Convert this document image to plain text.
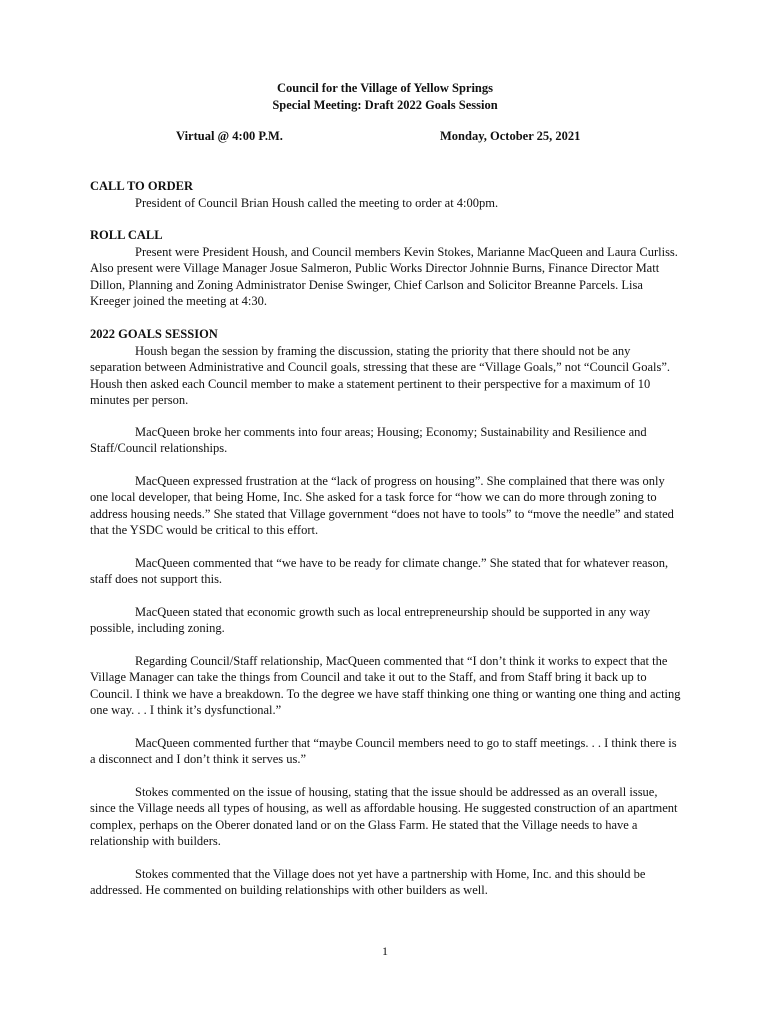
Council for the Village of Yellow Springs
Special Meeting: Draft 2022 Goals Session
Virtual @ 4:00 P.M.	Monday, October 25, 2021
CALL TO ORDER
President of Council Brian Housh called the meeting to order at 4:00pm.
ROLL CALL
Present were President Housh, and Council members Kevin Stokes, Marianne MacQueen and Laura Curliss. Also present were Village Manager Josue Salmeron, Public Works Director Johnnie Burns, Finance Director Matt Dillon, Planning and Zoning Administrator Denise Swinger, Chief Carlson and Solicitor Breanne Parcels. Lisa Kreeger joined the meeting at 4:30.
2022 GOALS SESSION
Housh began the session by framing the discussion, stating the priority that there should not be any separation between Administrative and Council goals, stressing that these are “Village Goals,” not “Council Goals”. Housh then asked each Council member to make a statement pertinent to their perspective for a maximum of 10 minutes per person.
MacQueen broke her comments into four areas; Housing; Economy; Sustainability and Resilience and Staff/Council relationships.
MacQueen expressed frustration at the “lack of progress on housing”. She complained that there was only one local developer, that being Home, Inc. She asked for a task force for “how we can do more through zoning to address housing needs.” She stated that Village government “does not have to tools” to “move the needle” and stated that the YSDC would be critical to this effort.
MacQueen commented that “we have to be ready for climate change.” She stated that for whatever reason, staff does not support this.
MacQueen stated that economic growth such as local entrepreneurship should be supported in any way possible, including zoning.
Regarding Council/Staff relationship, MacQueen commented that “I don’t think it works to expect that the Village Manager can take the things from Council and take it out to the Staff, and from Staff bring it back up to Council. I think we have a breakdown. To the degree we have staff thinking one thing or wanting one thing and acting one way. . . I think it’s dysfunctional.”
MacQueen commented further that “maybe Council members need to go to staff meetings. . . I think there is a disconnect and I don’t think it serves us.”
Stokes commented on the issue of housing, stating that the issue should be addressed as an overall issue, since the Village needs all types of housing, as well as affordable housing. He suggested construction of an apartment complex, perhaps on the Oberer donated land or on the Glass Farm. He stated that the Village needs to have a relationship with builders.
Stokes commented that the Village does not yet have a partnership with Home, Inc. and this should be addressed. He commented on building relationships with other builders as well.
1
